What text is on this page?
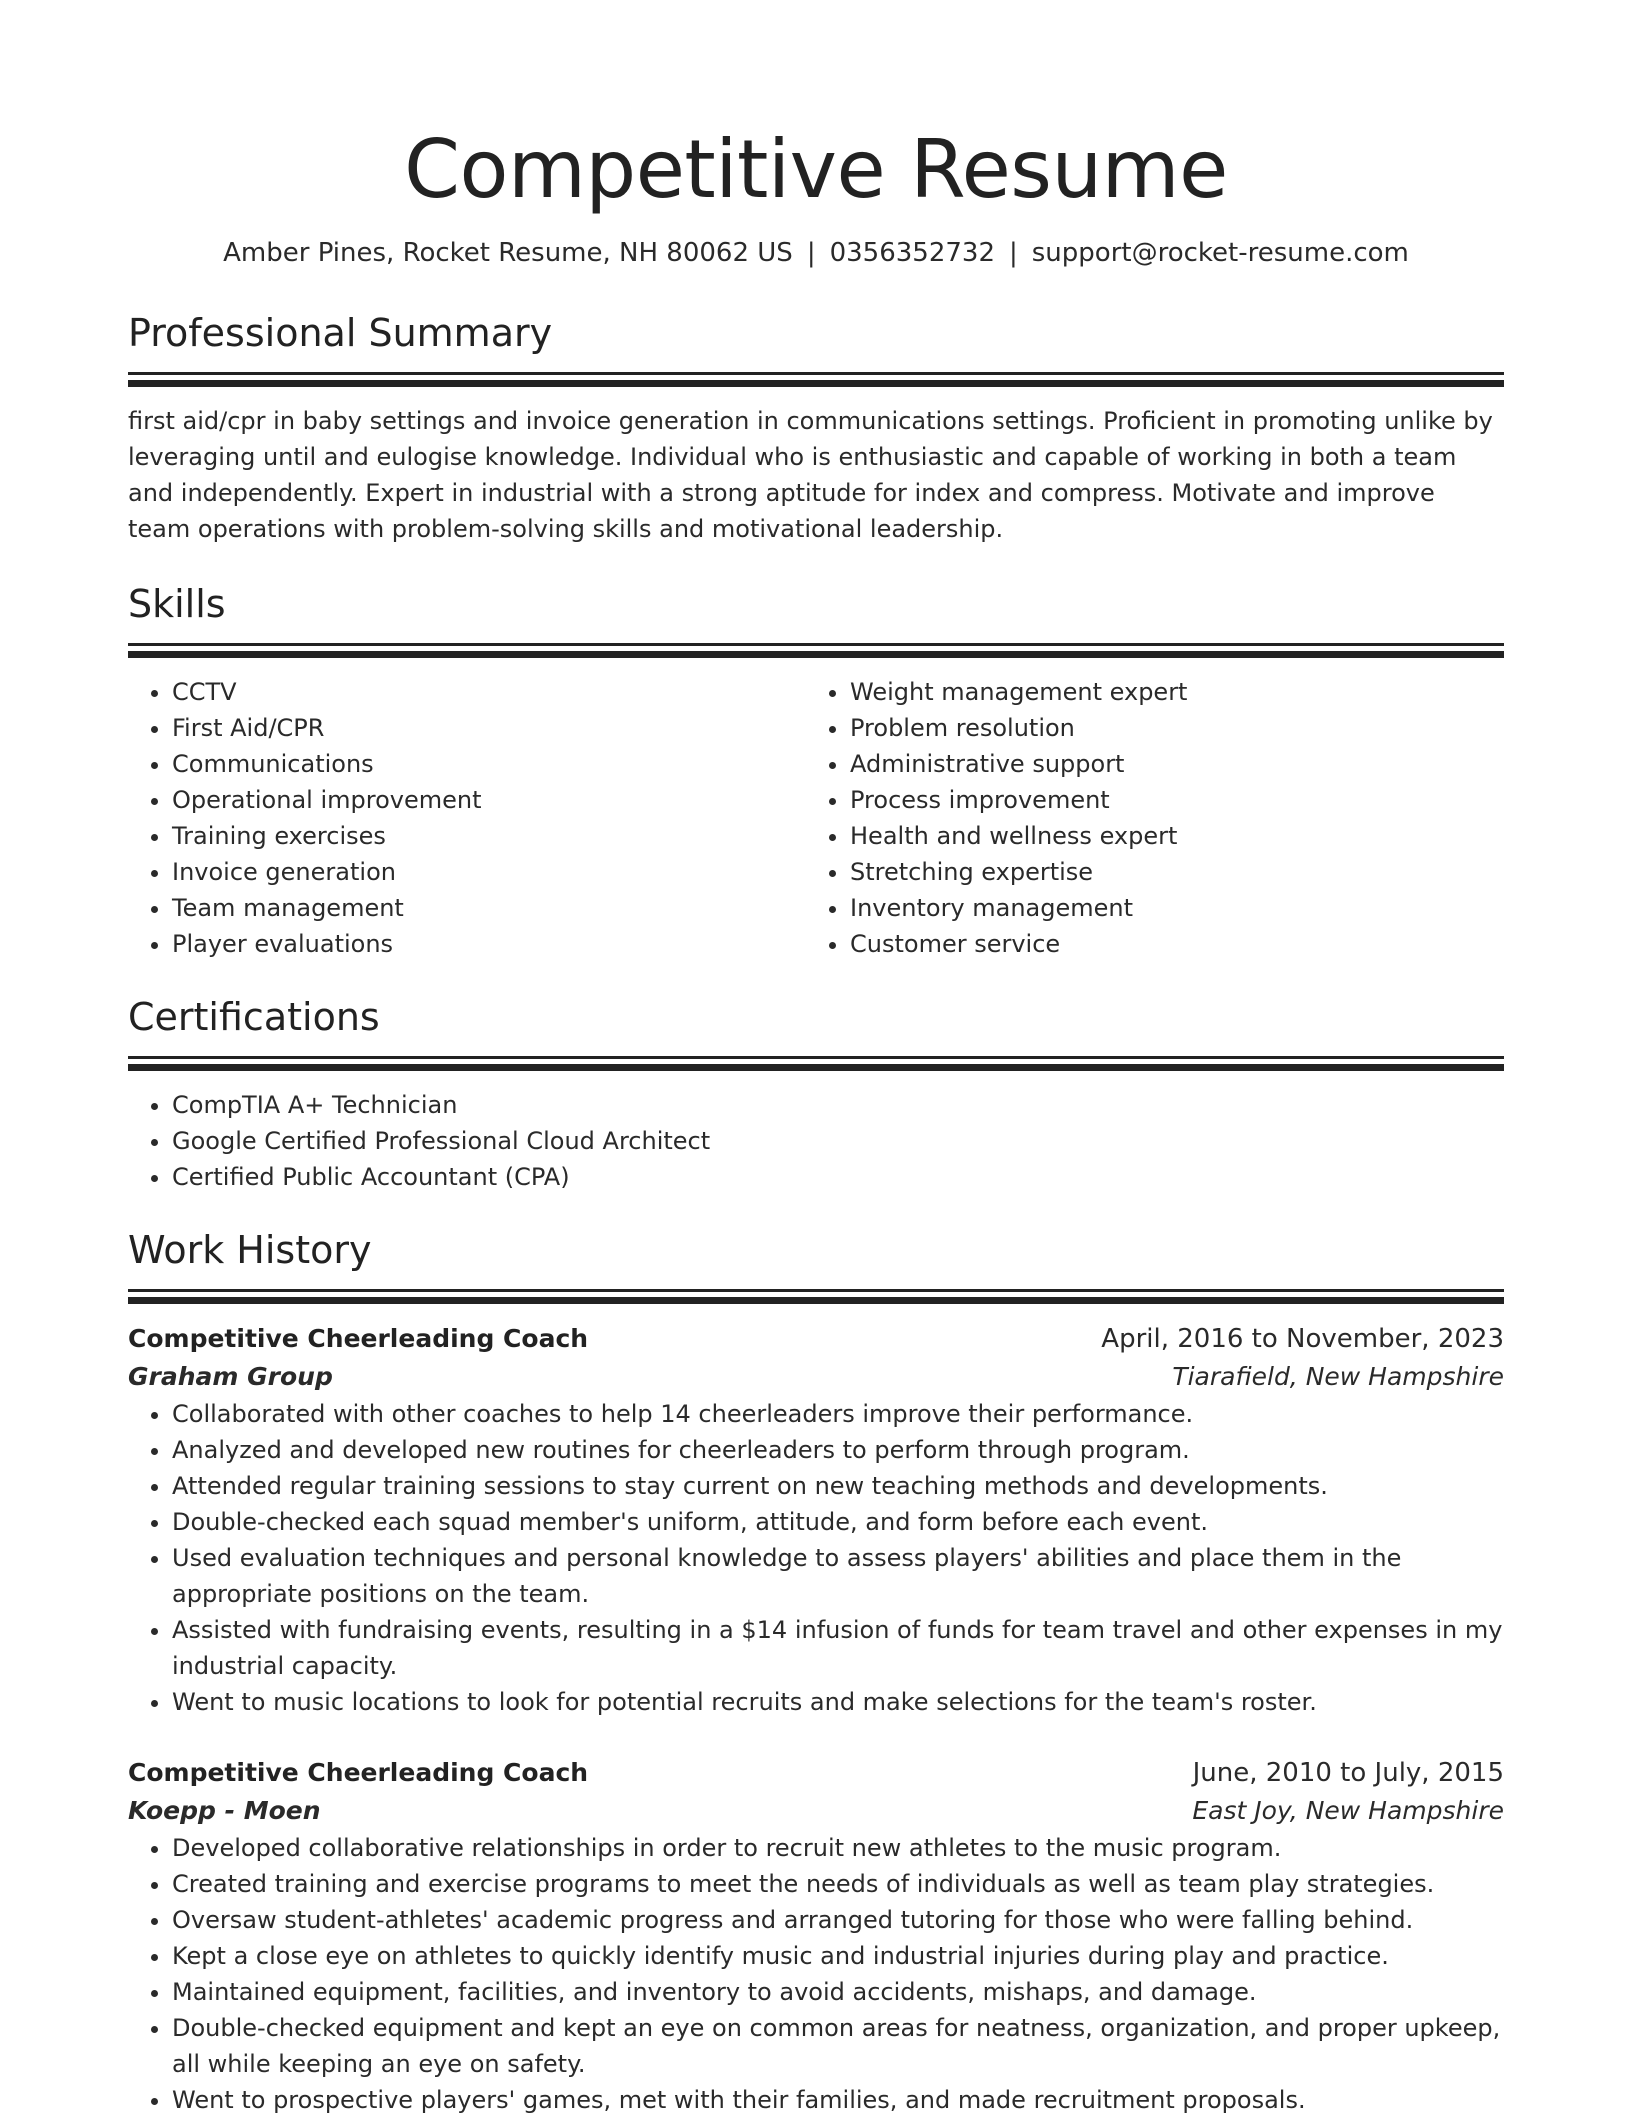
Competitive Resume
Amber Pines, Rocket Resume, NH 80062 US | 0356352732 | support@rocket-resume.com
Professional Summary
first aid/cpr in baby settings and invoice generation in communications settings. Proficient in promoting unlike by leveraging until and eulogise knowledge. Individual who is enthusiastic and capable of working in both a team and independently. Expert in industrial with a strong aptitude for index and compress. Motivate and improve team operations with problem-solving skills and motivational leadership.
Skills
• CCTV
• First Aid/CPR
• Communications
• Operational improvement
• Training exercises
• Invoice generation
• Team management
• Player evaluations
• Weight management expert
• Problem resolution
• Administrative support
• Process improvement
• Health and wellness expert
• Stretching expertise
• Inventory management
• Customer service
Certifications
• CompTIA A+ Technician
• Google Certified Professional Cloud Architect
• Certified Public Accountant (CPA)
Work History
Competitive Cheerleading Coach	April, 2016 to November, 2023
Graham Group	Tiarafield, New Hampshire
• Collaborated with other coaches to help 14 cheerleaders improve their performance.
• Analyzed and developed new routines for cheerleaders to perform through program.
• Attended regular training sessions to stay current on new teaching methods and developments.
• Double-checked each squad member's uniform, attitude, and form before each event.
• Used evaluation techniques and personal knowledge to assess players' abilities and place them in the appropriate positions on the team.
• Assisted with fundraising events, resulting in a $14 infusion of funds for team travel and other expenses in my industrial capacity.
• Went to music locations to look for potential recruits and make selections for the team's roster.
Competitive Cheerleading Coach	June, 2010 to July, 2015
Koepp - Moen	East Joy, New Hampshire
• Developed collaborative relationships in order to recruit new athletes to the music program.
• Created training and exercise programs to meet the needs of individuals as well as team play strategies.
• Oversaw student-athletes' academic progress and arranged tutoring for those who were falling behind.
• Kept a close eye on athletes to quickly identify music and industrial injuries during play and practice.
• Maintained equipment, facilities, and inventory to avoid accidents, mishaps, and damage.
• Double-checked equipment and kept an eye on common areas for neatness, organization, and proper upkeep, all while keeping an eye on safety.
• Went to prospective players' games, met with their families, and made recruitment proposals.
